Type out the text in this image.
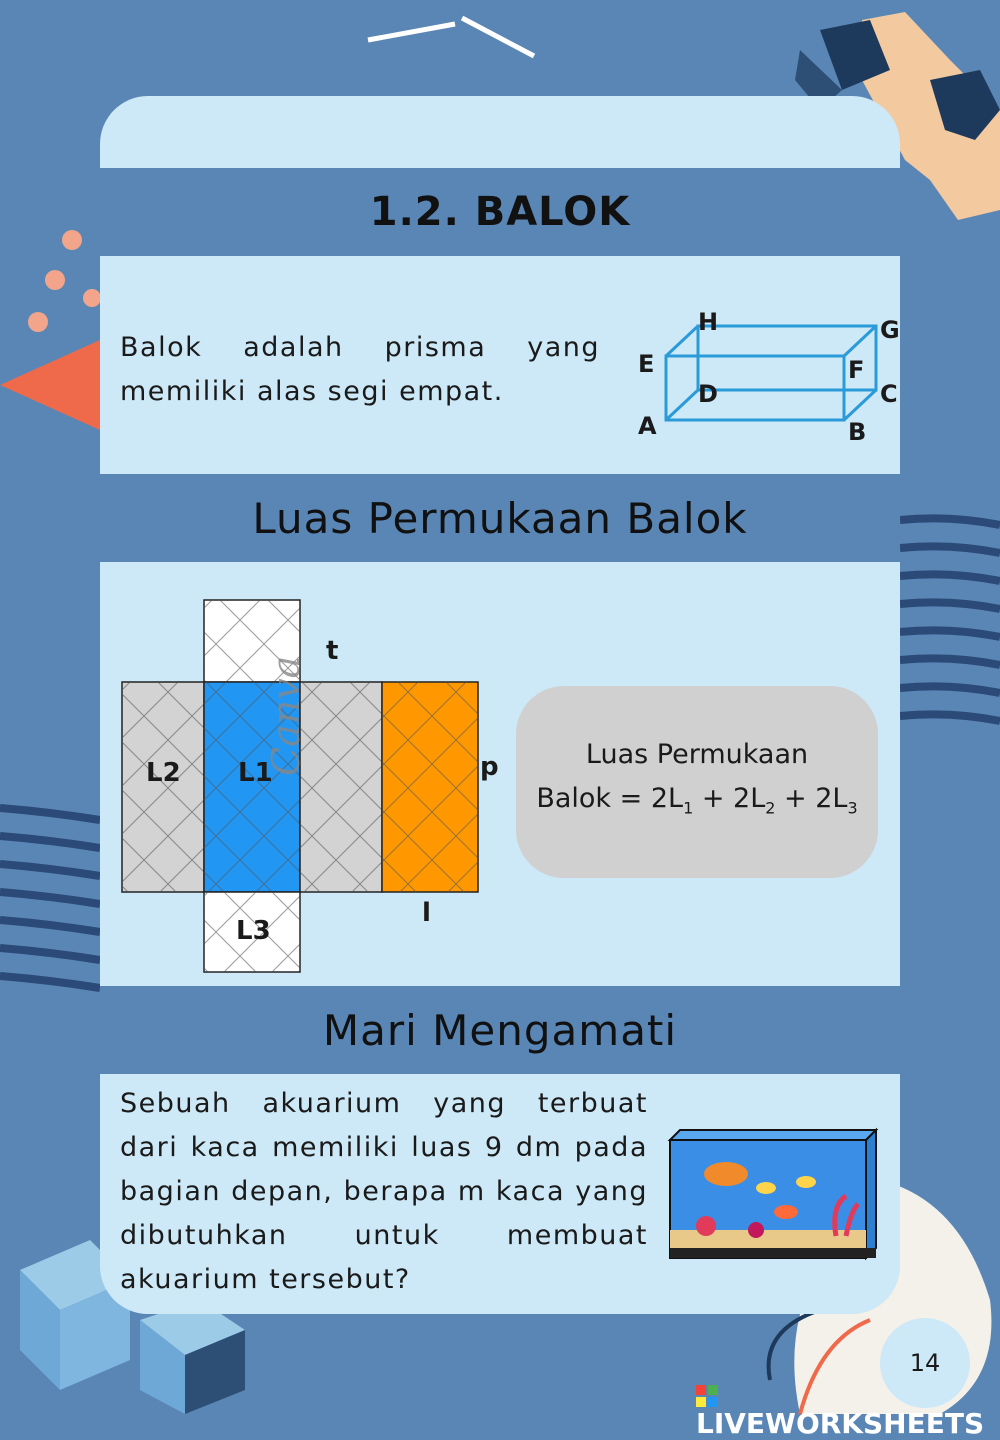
1.2. BALOK
Balok adalah prisma yang memiliki alas segi empat.
H	G
E	F
D	C
A	B
Luas Permukaan Balok
Canva
L2 L1
L3
t
p
l
Luas Permukaan
Balok = $2L_1 + 2L_2 + 2L_3$
Mari Mengamati
Sebuah akuarium yang terbuat dari kaca memiliki luas 9 dm pada bagian depan, berapa m kaca yang dibutuhkan untuk membuat akuarium tersebut?
14
LIVEWORKSHEETS
